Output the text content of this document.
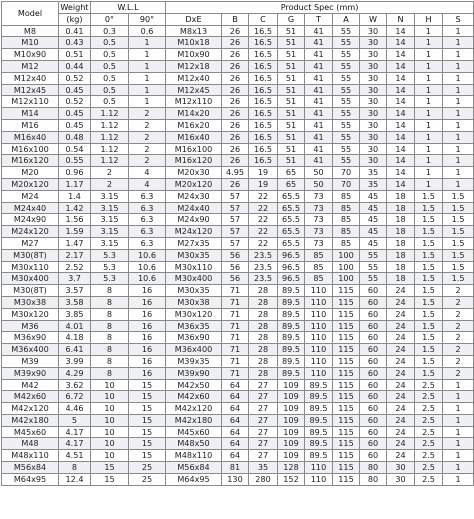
Model	Weight	W.L.L		Product Spec (mm)									
	(kg)	0°	90°	DxE	B	C	G	T	A	W	N	H	S
M8	0.41	0.3	0.6	M8x13	26	16.5	51	41	55	30	14	1	1
M10	0.43	0.5	1	M10x18	26	16.5	51	41	55	30	14	1	1
M10x90	0.51	0.5	1	M10x90	26	16.5	51	41	55	30	14	1	1
M12	0.44	0.5	1	M12x18	26	16.5	51	41	55	30	14	1	1
M12x40	0.52	0.5	1	M12x40	26	16.5	51	41	55	30	14	1	1
M12x45	0.45	0.5	1	M12x45	26	16.5	51	41	55	30	14	1	1
M12x110	0.52	0.5	1	M12x110	26	16.5	51	41	55	30	14	1	1
M14	0.45	1.12	2	M14x20	26	16.5	51	41	55	30	14	1	1
M16	0.45	1.12	2	M16x20	26	16.5	51	41	55	30	14	1	1
M16x40	0.48	1.12	2	M16x40	26	16.5	51	41	55	30	14	1	1
M16x100	0.54	1.12	2	M16x100	26	16.5	51	41	55	30	14	1	1
M16x120	0.55	1.12	2	M16x120	26	16.5	51	41	55	30	14	1	1
M20	0.96	2	4	M20x30	4.95	19	65	50	70	35	14	1	1
M20x120	1.17	2	4	M20x120	26	19	65	50	70	35	14	1	1
M24	1.4	3.15	6.3	M24x30	57	22	65.5	73	85	45	18	1.5	1.5
M24x40	1.42	3.15	6.3	M24x40	57	22	65.5	73	85	45	18	1.5	1.5
M24x90	1.56	3.15	6.3	M24x90	57	22	65.5	73	85	45	18	1.5	1.5
M24x120	1.59	3.15	6.3	M24x120	57	22	65.5	73	85	45	18	1.5	1.5
M27	1.47	3.15	6.3	M27x35	57	22	65.5	73	85	45	18	1.5	1.5
M30(8T)	2.17	5.3	10.6	M30x35	56	23.5	96.5	85	100	55	18	1.5	1.5
M30x110	2.52	5.3	10.6	M30x110	56	23.5	96.5	85	100	55	18	1.5	1.5
M30x400	3.7	5.3	10.6	M30x400	56	23.5	96.5	85	100	55	18	1.5	1.5
M30(8T)	3.57	8	16	M30x35	71	28	89.5	110	115	60	24	1.5	2
M30x38	3.58	8	16	M30x38	71	28	89.5	110	115	60	24	1.5	2
M30x120	3.85	8	16	M30x120	71	28	89.5	110	115	60	24	1.5	2
M36	4.01	8	16	M36x35	71	28	89.5	110	115	60	24	1.5	2
M36x90	4.18	8	16	M36x90	71	28	89.5	110	115	60	24	1.5	2
M36x400	6.41	8	16	M36x400	71	28	89.5	110	115	60	24	1.5	2
M39	3.99	8	16	M39x35	71	28	89.5	110	115	60	24	1.5	2
M39x90	4.29	8	16	M39x90	71	28	89.5	110	115	60	24	1.5	2
M42	3.62	10	15	M42x50	64	27	109	89.5	115	60	24	2.5	1
M42x60	6.72	10	15	M42x60	64	27	109	89.5	115	60	24	2.5	1
M42x120	4.46	10	15	M42x120	64	27	109	89.5	115	60	24	2.5	1
M42x180	5	10	15	M42x180	64	27	109	89.5	115	60	24	2.5	1
M45x60	4.17	10	15	M45x60	64	27	109	89.5	115	60	24	2.5	1
M48	4.17	10	15	M48x50	64	27	109	89.5	115	60	24	2.5	1
M48x110	4.51	10	15	M48x110	64	27	109	89.5	115	60	24	2.5	1
M56x84	8	15	25	M56x84	81	35	128	110	115	80	30	2.5	1
M64x95	12.4	15	25	M64x95	130	280	152	110	115	80	30	2.5	1
